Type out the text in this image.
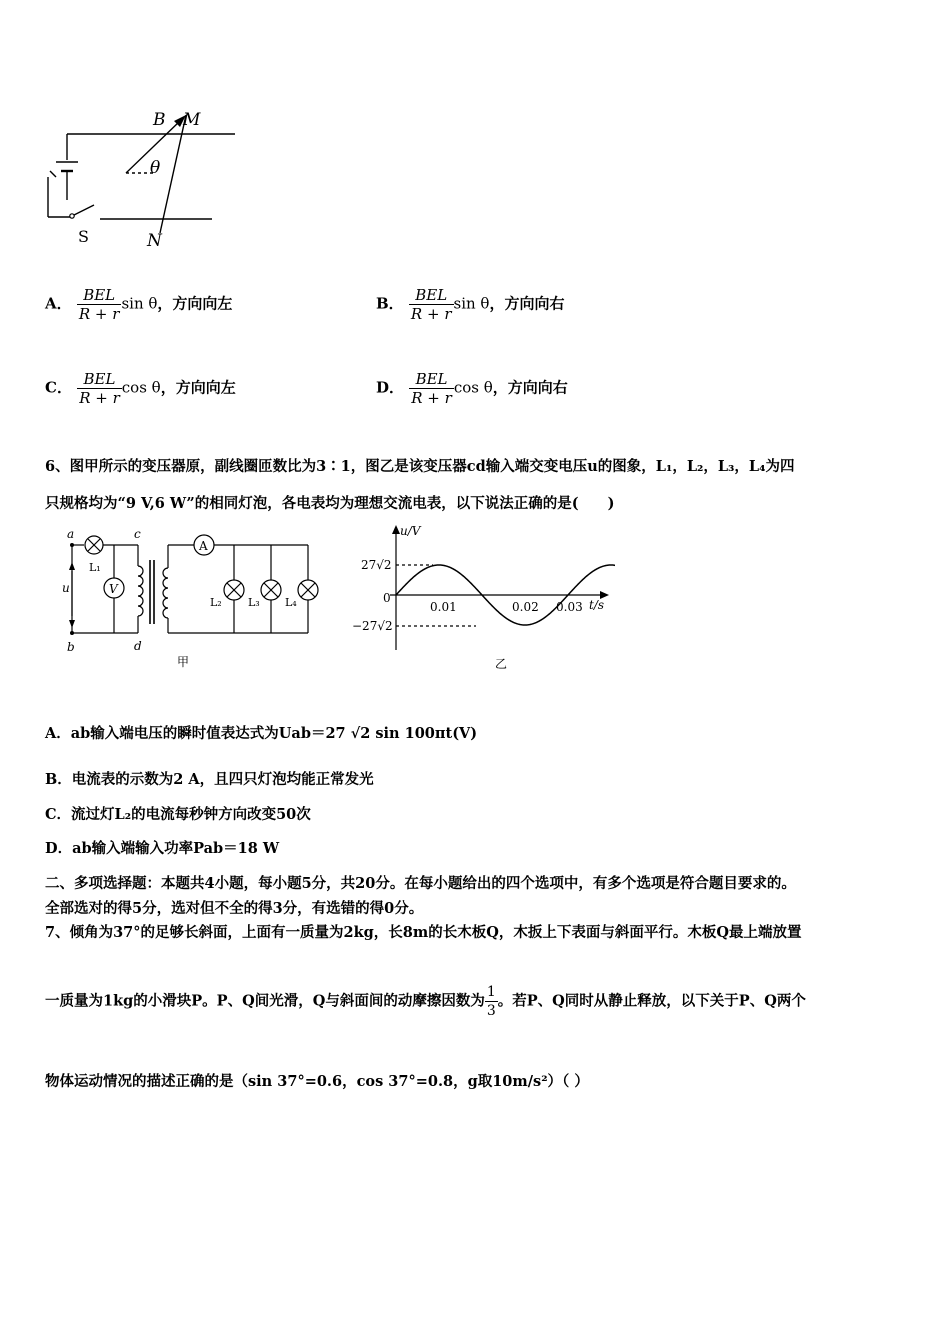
B M
θ
S	N
A． $\frac{\text{BEL}}{R + r}$ sin θ，方向向左	B． $\frac{\text{BEL}}{R + r}$ sin θ，方向向右
C． $\frac{\text{BEL}}{R + r}$ cos θ，方向向左	D． $\frac{\text{BEL}}{R + r}$ cos θ，方向向右
6、图甲所示的变压器原，副线圈匝数比为3∶1，图乙是该变压器cd输入端交变电压u的图象，L₁，L₂，L₃，L₄为四
只规格均为“9 V,6 W”的相同灯泡，各电表均为理想交流电表，以下说法正确的是(　　)
a
b
c
d
u
L₁
V
A
L₂ L₃ L₄
甲
u/V
t/s
27√2
0
−27√2
0.01	0.02 0.03
乙
A．ab输入端电压的瞬时值表达式为Uab＝27 √2 sin 100πt(V)
B．电流表的示数为2 A，且四只灯泡均能正常发光
C．流过灯L₂的电流每秒钟方向改变50次
D．ab输入端输入功率Pab＝18 W
二、多项选择题：本题共4小题，每小题5分，共20分。在每小题给出的四个选项中，有多个选项是符合题目要求的。
全部选对的得5分，选对但不全的得3分，有选错的得0分。
7、倾角为37°的足够长斜面，上面有一质量为2kg，长8m的长木板Q，木扳上下表面与斜面平行。木板Q最上端放置
一质量为1kg的小滑块P。P、Q间光滑，Q与斜面间的动摩擦因数为 $\frac{1}{3}$ 。若P、Q同时从静止释放，以下关于P、Q两个
物体运动情况的描述正确的是（sin 37°=0.6，cos 37°=0.8，g取10m/s²）（ ）
